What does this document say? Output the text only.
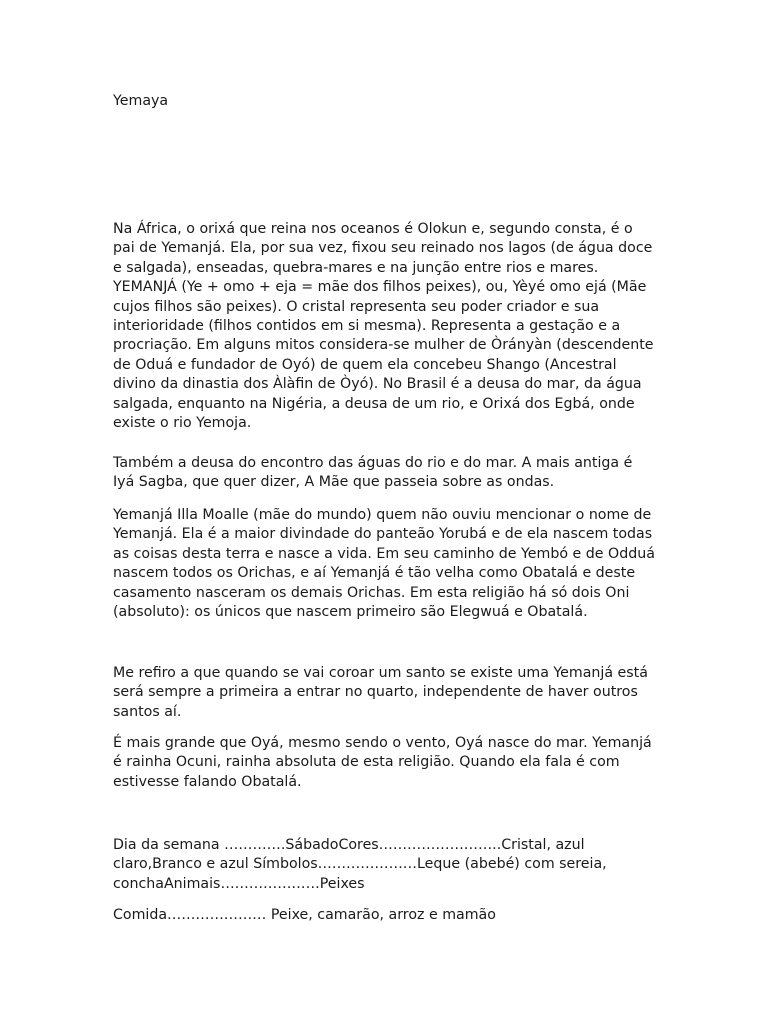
Yemaya

Na África, o orixá que reina nos oceanos é Olokun e, segundo consta, é o pai de Yemanjá. Ela, por sua vez, fixou seu reinado nos lagos (de água doce e salgada), enseadas, quebra-mares e na junção entre rios e mares. YEMANJÁ (Ye + omo + eja = mãe dos filhos peixes), ou, Yèyé omo ejá (Mãe cujos filhos são peixes). O cristal representa seu poder criador e sua interioridade (filhos contidos em si mesma). Representa a gestação e a procriação. Em alguns mitos considera-se mulher de Òrányàn (descendente de Oduá e fundador de Oyó) de quem ela concebeu Shango (Ancestral divino da dinastia dos Àlàfin de Òyó). No Brasil é a deusa do mar, da água salgada, enquanto na Nigéria, a deusa de um rio, e Orixá dos Egbá, onde existe o rio Yemoja.

Também a deusa do encontro das águas do rio e do mar. A mais antiga é Iyá Sagba, que quer dizer, A Mãe que passeia sobre as ondas.

Yemanjá Illa Moalle (mãe do mundo) quem não ouviu mencionar o nome de Yemanjá. Ela é a maior divindade do panteão Yorubá e de ela nascem todas as coisas desta terra e nasce a vida. Em seu caminho de Yembó e de Odduá nascem todos os Orichas, e aí Yemanjá é tão velha como Obatalá e deste casamento nasceram os demais Orichas. Em esta religião há só dois Oni (absoluto): os únicos que nascem primeiro são Elegwuá e Obatalá.

Me refiro a que quando se vai coroar um santo se existe uma Yemanjá está será sempre a primeira a entrar no quarto, independente de haver outros santos aí.

É mais grande que Oyá, mesmo sendo o vento, Oyá nasce do mar. Yemanjá é rainha Ocuni, rainha absoluta de esta religião. Quando ela fala é com estivesse falando Obatalá.

Dia da semana ………….SábadoCores……………………..Cristal, azul claro,Branco e azul Símbolos…………………Leque (abebé) com sereia, conchaAnimais…………………Peixes

Comida………………… Peixe, camarão, arroz e mamão
